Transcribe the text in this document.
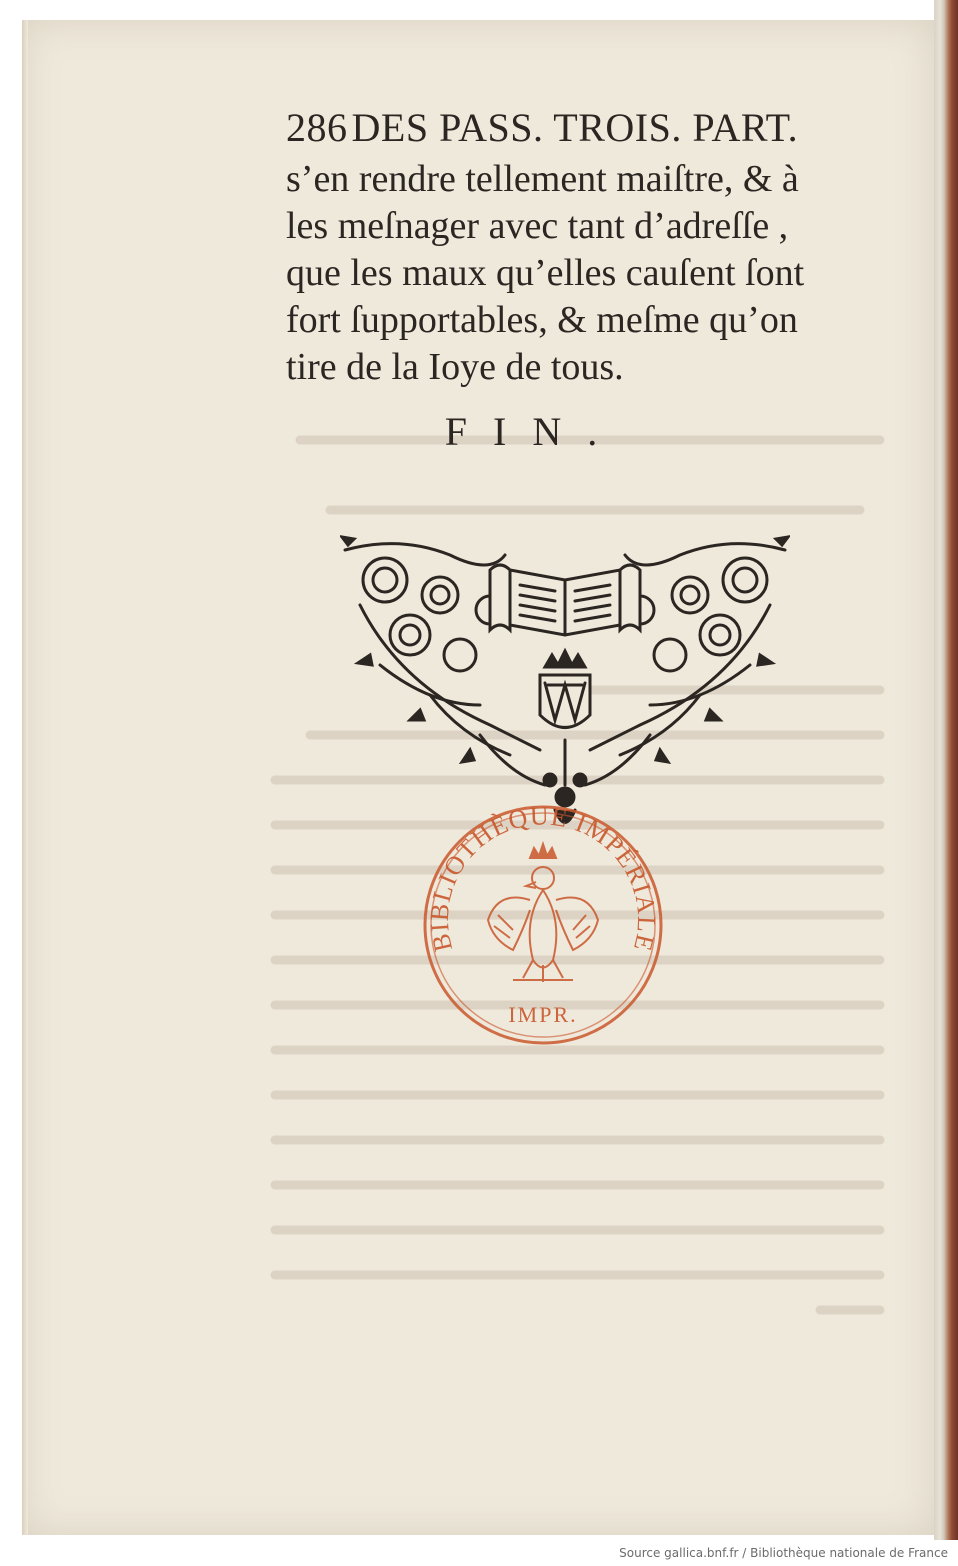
286 DES PASS. TROIS. PART.
s’en rendre tellement maiſtre, & à
les meſnager avec tant d’adreſſe ,
que les maux qu’elles cauſent ſont
fort ſupportables, & meſme qu’on
tire de la Ioye de tous.
FIN.
BIBLIOTHÈQUE IMPÉRIALE
IMPR.
Source gallica.bnf.fr / Bibliothèque nationale de France
